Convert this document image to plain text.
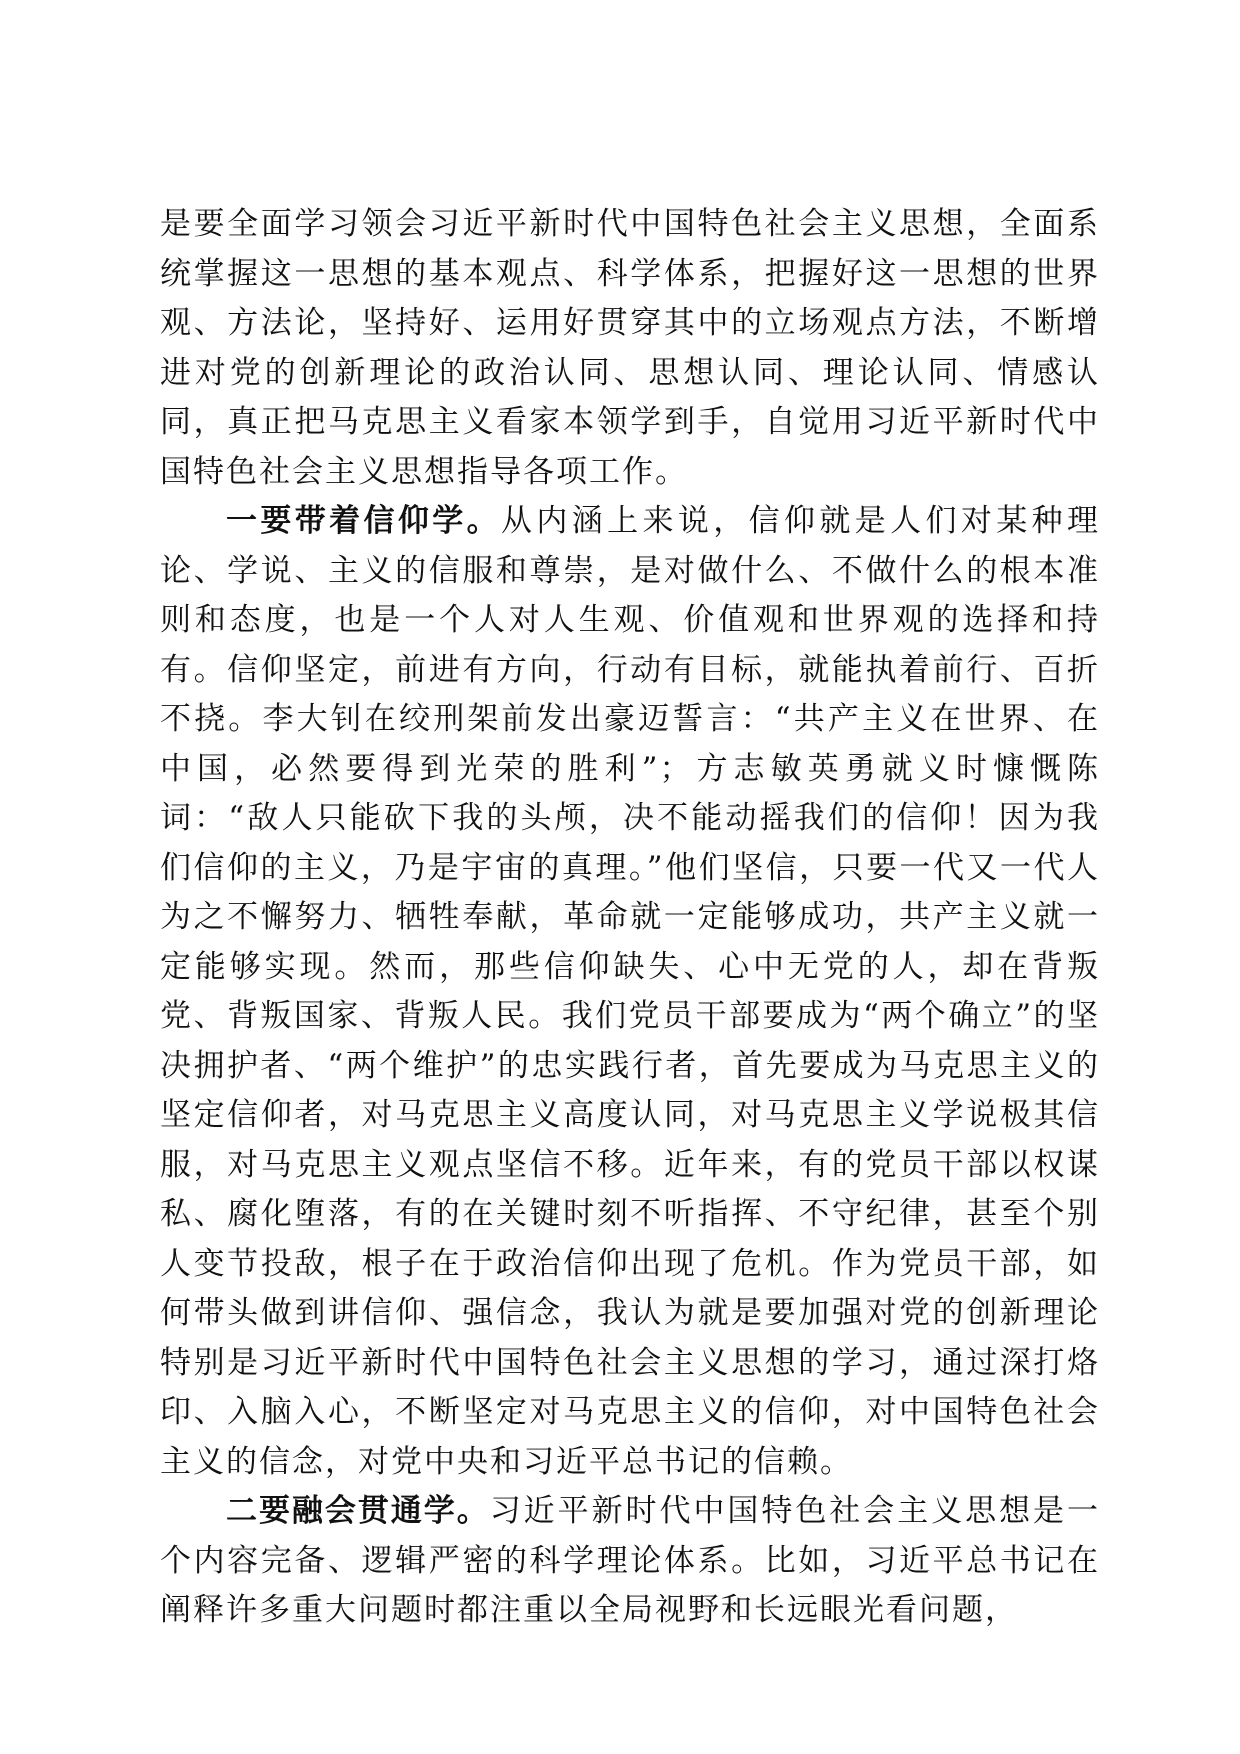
是要全面学习领会习近平新时代中国特色社会主义思想，全面系统掌握这一思想的基本观点、科学体系，把握好这一思想的世界观、方法论，坚持好、运用好贯穿其中的立场观点方法，不断增进对党的创新理论的政治认同、思想认同、理论认同、情感认同，真正把马克思主义看家本领学到手，自觉用习近平新时代中国特色社会主义思想指导各项工作。

一要带着信仰学。从内涵上来说，信仰就是人们对某种理论、学说、主义的信服和尊崇，是对做什么、不做什么的根本准则和态度，也是一个人对人生观、价值观和世界观的选择和持有。信仰坚定，前进有方向，行动有目标，就能执着前行、百折不挠。李大钊在绞刑架前发出豪迈誓言：“共产主义在世界、在中国，必然要得到光荣的胜利”；方志敏英勇就义时慷慨陈词：“敌人只能砍下我的头颅，决不能动摇我们的信仰！因为我们信仰的主义，乃是宇宙的真理。”他们坚信，只要一代又一代人为之不懈努力、牺牲奉献，革命就一定能够成功，共产主义就一定能够实现。然而，那些信仰缺失、心中无党的人，却在背叛党、背叛国家、背叛人民。我们党员干部要成为“两个确立”的坚决拥护者、“两个维护”的忠实践行者，首先要成为马克思主义的坚定信仰者，对马克思主义高度认同，对马克思主义学说极其信服，对马克思主义观点坚信不移。近年来，有的党员干部以权谋私、腐化堕落，有的在关键时刻不听指挥、不守纪律，甚至个别人变节投敌，根子在于政治信仰出现了危机。作为党员干部，如何带头做到讲信仰、强信念，我认为就是要加强对党的创新理论特别是习近平新时代中国特色社会主义思想的学习，通过深打烙印、入脑入心，不断坚定对马克思主义的信仰，对中国特色社会主义的信念，对党中央和习近平总书记的信赖。

二要融会贯通学。习近平新时代中国特色社会主义思想是一个内容完备、逻辑严密的科学理论体系。比如，习近平总书记在阐释许多重大问题时都注重以全局视野和长远眼光看问题，
